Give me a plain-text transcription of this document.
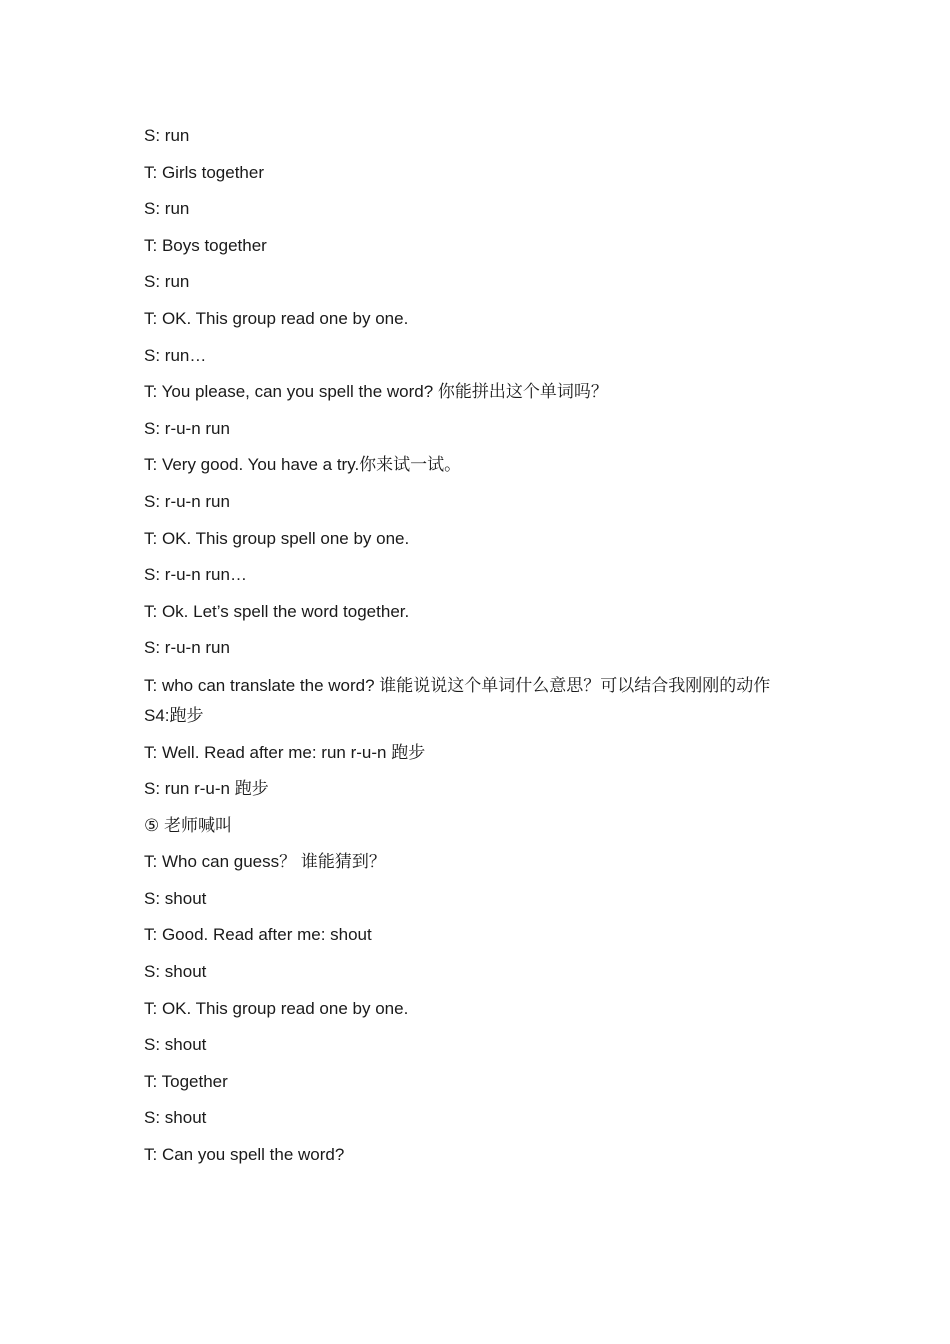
S: run
T: Girls together
S: run
T: Boys together
S: run
T: OK. This group read one by one.
S: run…
T: You please, can you spell the word? 你能拼出这个单词吗？
S: r-u-n run
T: Very good. You have a try.你来试一试。
S: r-u-n run
T: OK. This group spell one by one.
S: r-u-n run…
T: Ok. Let’s spell the word together.
S: r-u-n run
T: who can translate the word? 谁能说说这个单词什么意思？可以结合我刚刚的动作
S4:跑步
T: Well. Read after me: run r-u-n 跑步
S: run r-u-n 跑步
⑤ 老师喊叫
T: Who can guess？ 谁能猜到？
S: shout
T: Good. Read after me: shout
S: shout
T: OK. This group read one by one.
S: shout
T: Together
S: shout
T: Can you spell the word?
